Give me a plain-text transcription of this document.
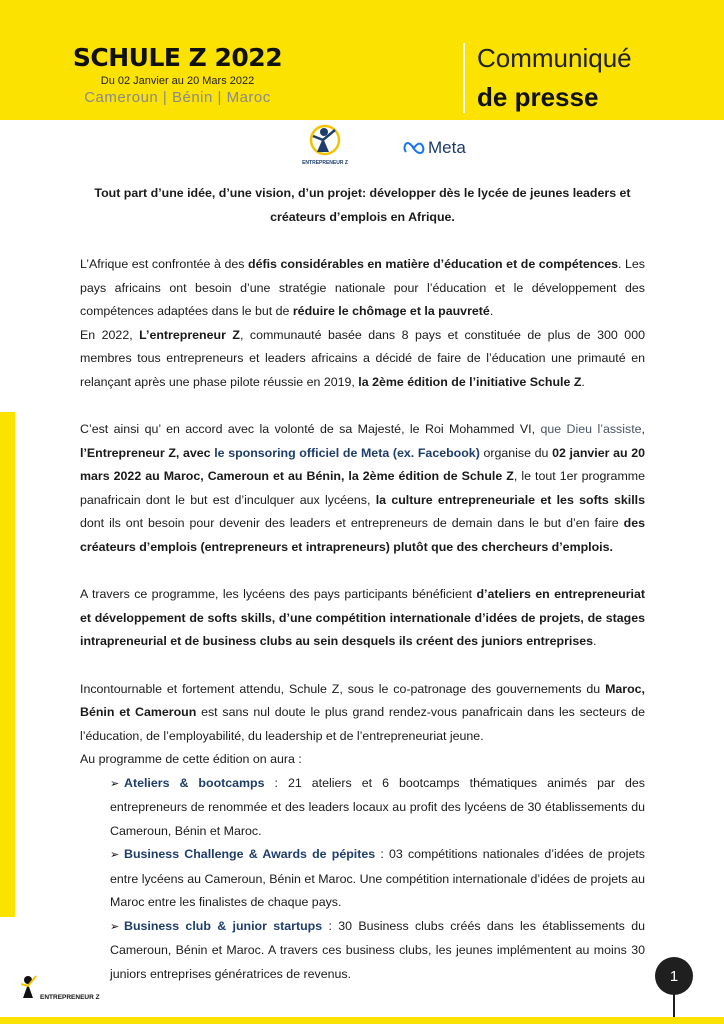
SCHULE Z 2022
Du 02 Janvier au 20 Mars 2022
Cameroun | Bénin | Maroc
Communiqué
de presse
ENTREPRENEUR Z
Meta

Tout part d’une idée, d’une vision, d’un projet: développer dès le lycée de jeunes leaders et créateurs d’emplois en Afrique.

L’Afrique est confrontée à des défis considérables en matière d’éducation et de compétences. Les pays africains ont besoin d’une stratégie nationale pour l’éducation et le développement des compétences adaptées dans le but de réduire le chômage et la pauvreté.

En 2022, L’entrepreneur Z, communauté basée dans 8 pays et constituée de plus de 300 000 membres tous entrepreneurs et leaders africains a décidé de faire de l’éducation une primauté en relançant après une phase pilote réussie en 2019, la 2ème édition de l’initiative Schule Z.

C’est ainsi qu’ en accord avec la volonté de sa Majesté, le Roi Mohammed VI, que Dieu l’assiste, l’Entrepreneur Z, avec le sponsoring officiel de Meta (ex. Facebook) organise du 02 janvier au 20 mars 2022 au Maroc, Cameroun et au Bénin, la 2ème édition de Schule Z, le tout 1er programme panafricain dont le but est d’inculquer aux lycéens, la culture entrepreneuriale et les softs skills dont ils ont besoin pour devenir des leaders et entrepreneurs de demain dans le but d’en faire des créateurs d’emplois (entrepreneurs et intrapreneurs) plutôt que des chercheurs d’emplois.

A travers ce programme, les lycéens des pays participants bénéficient d’ateliers en entrepreneuriat et développement de softs skills, d’une compétition internationale d’idées de projets, de stages intrapreneurial et de business clubs au sein desquels ils créent des juniors entreprises.

Incontournable et fortement attendu, Schule Z, sous le co-patronage des gouvernements du Maroc, Bénin et Cameroun est sans nul doute le plus grand rendez-vous panafricain dans les secteurs de l’éducation, de l’employabilité, du leadership et de l’entrepreneuriat jeune.

Au programme de cette édition on aura :

➢ Ateliers & bootcamps : 21 ateliers et 6 bootcamps thématiques animés par des entrepreneurs de renommée et des leaders locaux au profit des lycéens de 30 établissements du Cameroun, Bénin et Maroc.

➢ Business Challenge & Awards de pépites : 03 compétitions nationales d’idées de projets entre lycéens au Cameroun, Bénin et Maroc. Une compétition internationale d’idées de projets au Maroc entre les finalistes de chaque pays.

➢ Business club & junior startups : 30 Business clubs créés dans les établissements du Cameroun, Bénin et Maroc. A travers ces business clubs, les jeunes implémentent au moins 30 juniors entreprises génératrices de revenus.

ENTREPRENEUR Z
1
